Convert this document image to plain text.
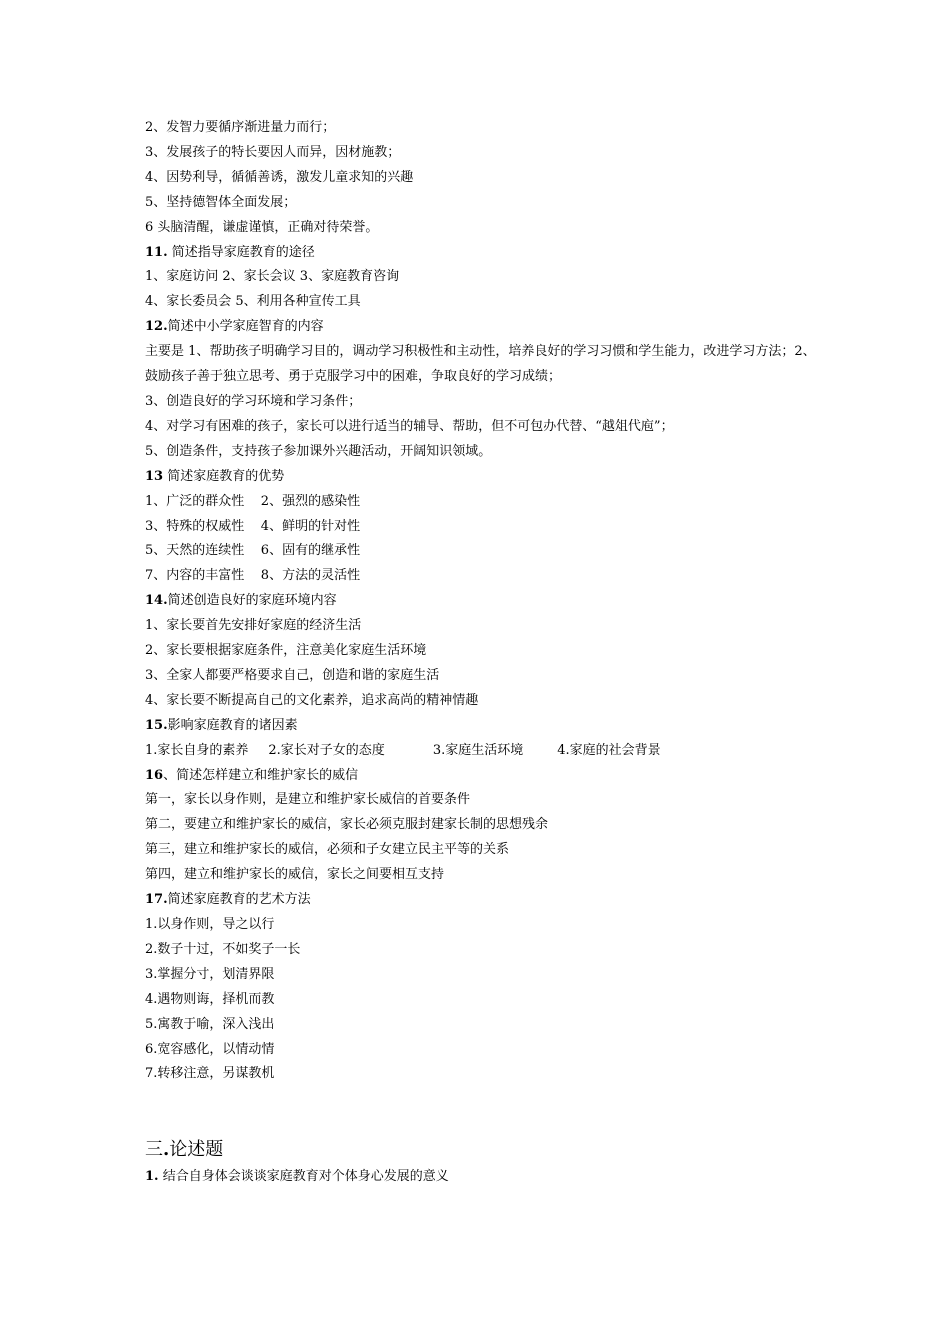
2、发智力要循序渐进量力而行；
3、发展孩子的特长要因人而异，因材施教；
4、因势利导，循循善诱，激发儿童求知的兴趣
5、坚持德智体全面发展；
6 头脑清醒，谦虚谨慎，正确对待荣誉。
11. 简述指导家庭教育的途径
1、家庭访问 2、家长会议 3、家庭教育咨询
4、家长委员会 5、利用各种宣传工具
12.简述中小学家庭智育的内容
主要是 1、帮助孩子明确学习目的，调动学习积极性和主动性，培养良好的学习习惯和学生能力，改进学习方法；2、鼓励孩子善于独立思考、勇于克服学习中的困难，争取良好的学习成绩；
3、创造良好的学习环境和学习条件；
4、对学习有困难的孩子，家长可以进行适当的辅导、帮助，但不可包办代替、“越俎代庖”；
5、创造条件，支持孩子参加课外兴趣活动，开阔知识领域。
13 简述家庭教育的优势
1、广泛的群众性    2、强烈的感染性
3、特殊的权威性    4、鲜明的针对性
5、天然的连续性    6、固有的继承性
7、内容的丰富性    8、方法的灵活性
14.简述创造良好的家庭环境内容
1、家长要首先安排好家庭的经济生活
2、家长要根据家庭条件，注意美化家庭生活环境
3、全家人都要严格要求自己，创造和谐的家庭生活
4、家长要不断提高自己的文化素养，追求高尚的精神情趣
15.影响家庭教育的诸因素
1.家长自身的素养 2.家长对子女的态度	3.家庭生活环境	4.家庭的社会背景
16、简述怎样建立和维护家长的威信
第一，家长以身作则，是建立和维护家长威信的首要条件
第二，要建立和维护家长的威信，家长必须克服封建家长制的思想残余
第三，建立和维护家长的威信，必须和子女建立民主平等的关系
第四，建立和维护家长的威信，家长之间要相互支持
17.简述家庭教育的艺术方法
1.以身作则，导之以行
2.数子十过，不如奖子一长
3.掌握分寸，划清界限
4.遇物则诲，择机而教
5.寓教于喻，深入浅出
6.宽容感化，以情动情
7.转移注意，另谋教机
三.论述题
1. 结合自身体会谈谈家庭教育对个体身心发展的意义
